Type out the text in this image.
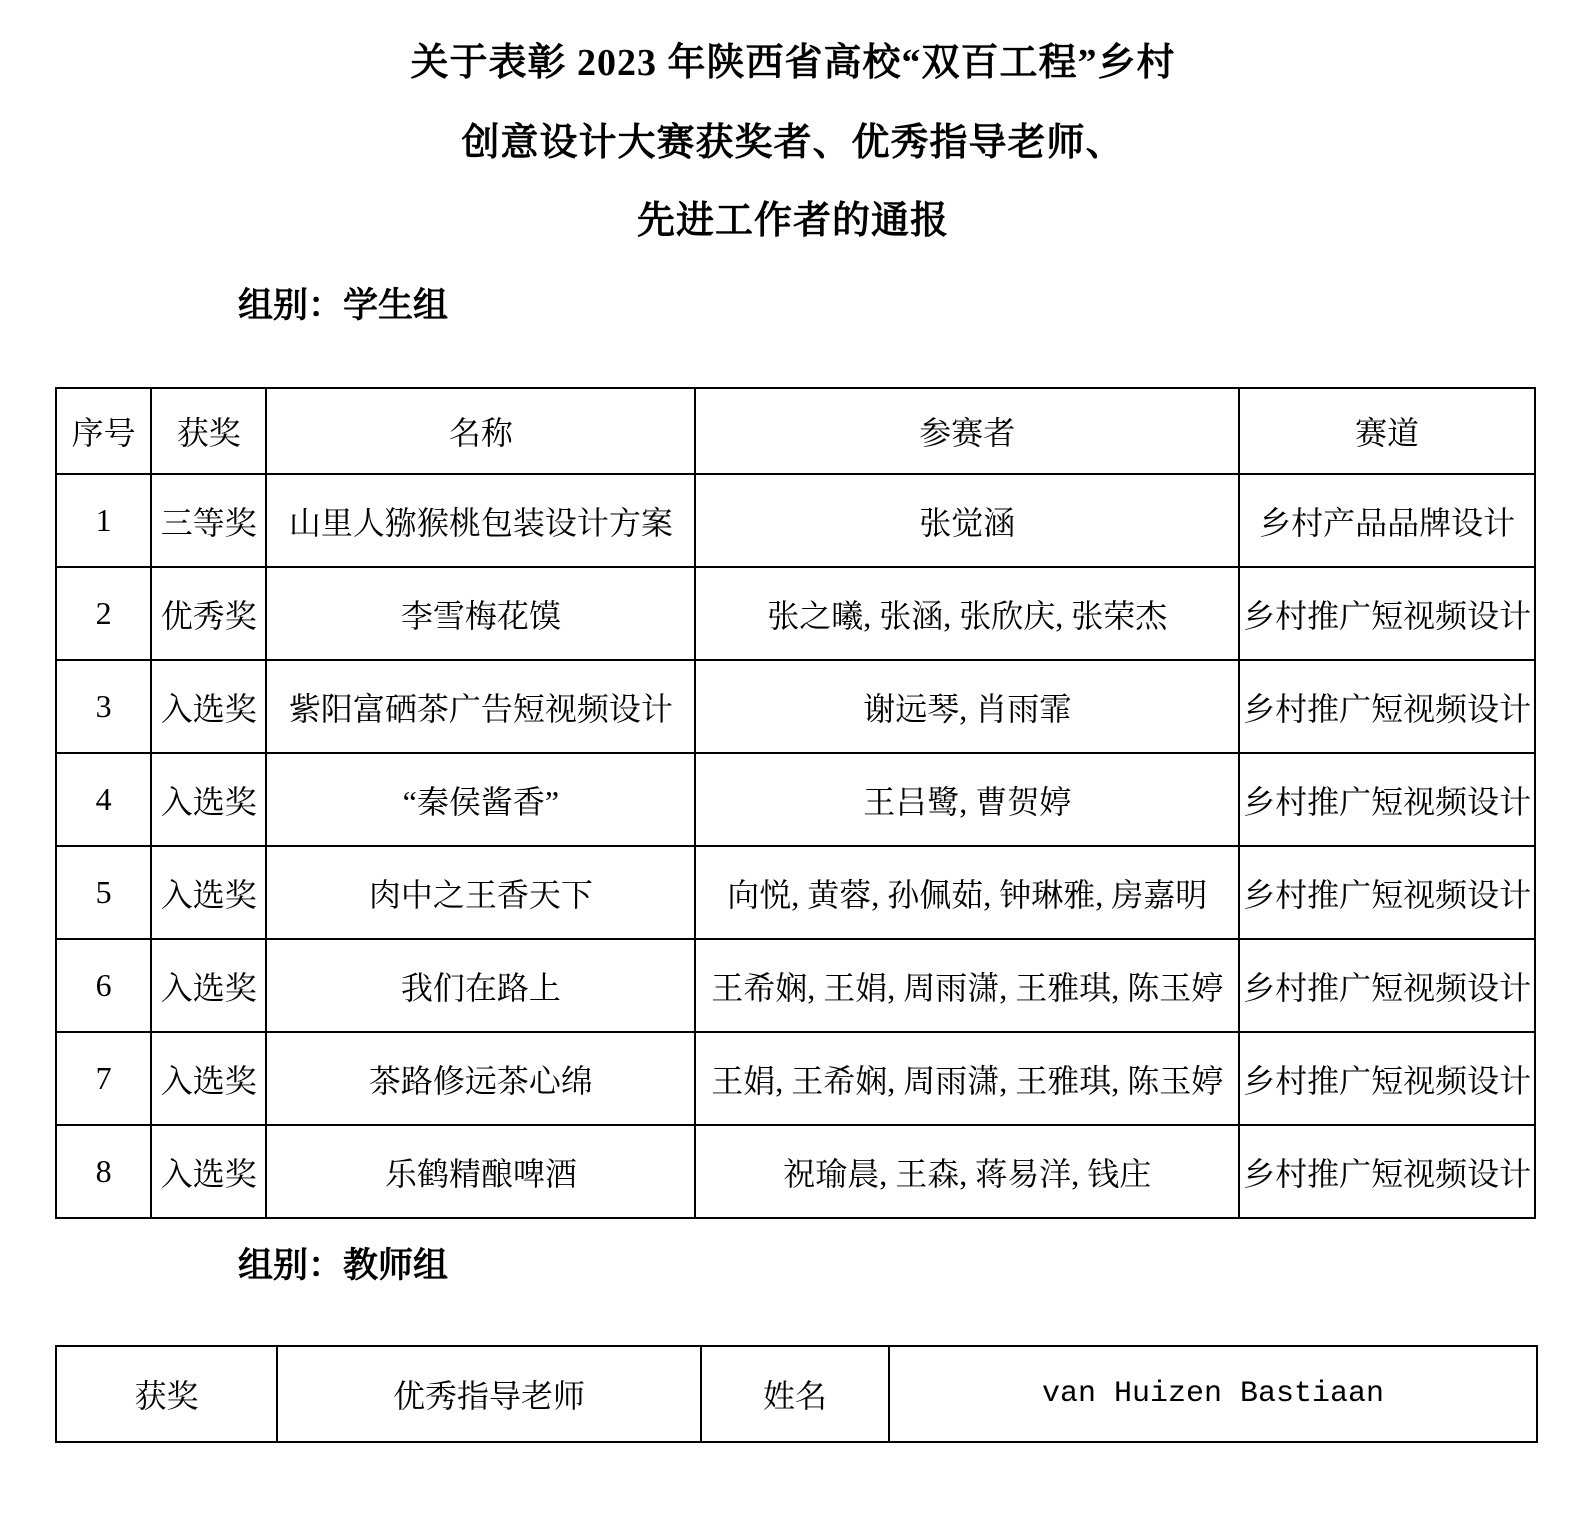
关于表彰 2023 年陕西省高校“双百工程”乡村
创意设计大赛获奖者、优秀指导老师、
先进工作者的通报
组别：学生组
序号	获奖	名称	参赛者	赛道
1	三等奖	山里人猕猴桃包装设计方案	张觉涵	乡村产品品牌设计
2	优秀奖	李雪梅花馍	张之曦, 张涵, 张欣庆, 张荣杰	乡村推广短视频设计
3	入选奖	紫阳富硒茶广告短视频设计	谢远琴, 肖雨霏	乡村推广短视频设计
4	入选奖	“秦侯酱香”	王吕鹭, 曹贺婷	乡村推广短视频设计
5	入选奖	肉中之王香天下	向悦, 黄蓉, 孙佩茹, 钟琳雅, 房嘉明	乡村推广短视频设计
6	入选奖	我们在路上	王希娴, 王娟, 周雨潇, 王雅琪, 陈玉婷	乡村推广短视频设计
7	入选奖	茶路修远茶心绵	王娟, 王希娴, 周雨潇, 王雅琪, 陈玉婷	乡村推广短视频设计
8	入选奖	乐鹤精酿啤酒	祝瑜晨, 王森, 蒋易洋, 钱庄	乡村推广短视频设计
组别：教师组
获奖	优秀指导老师	姓名	van Huizen Bastiaan
